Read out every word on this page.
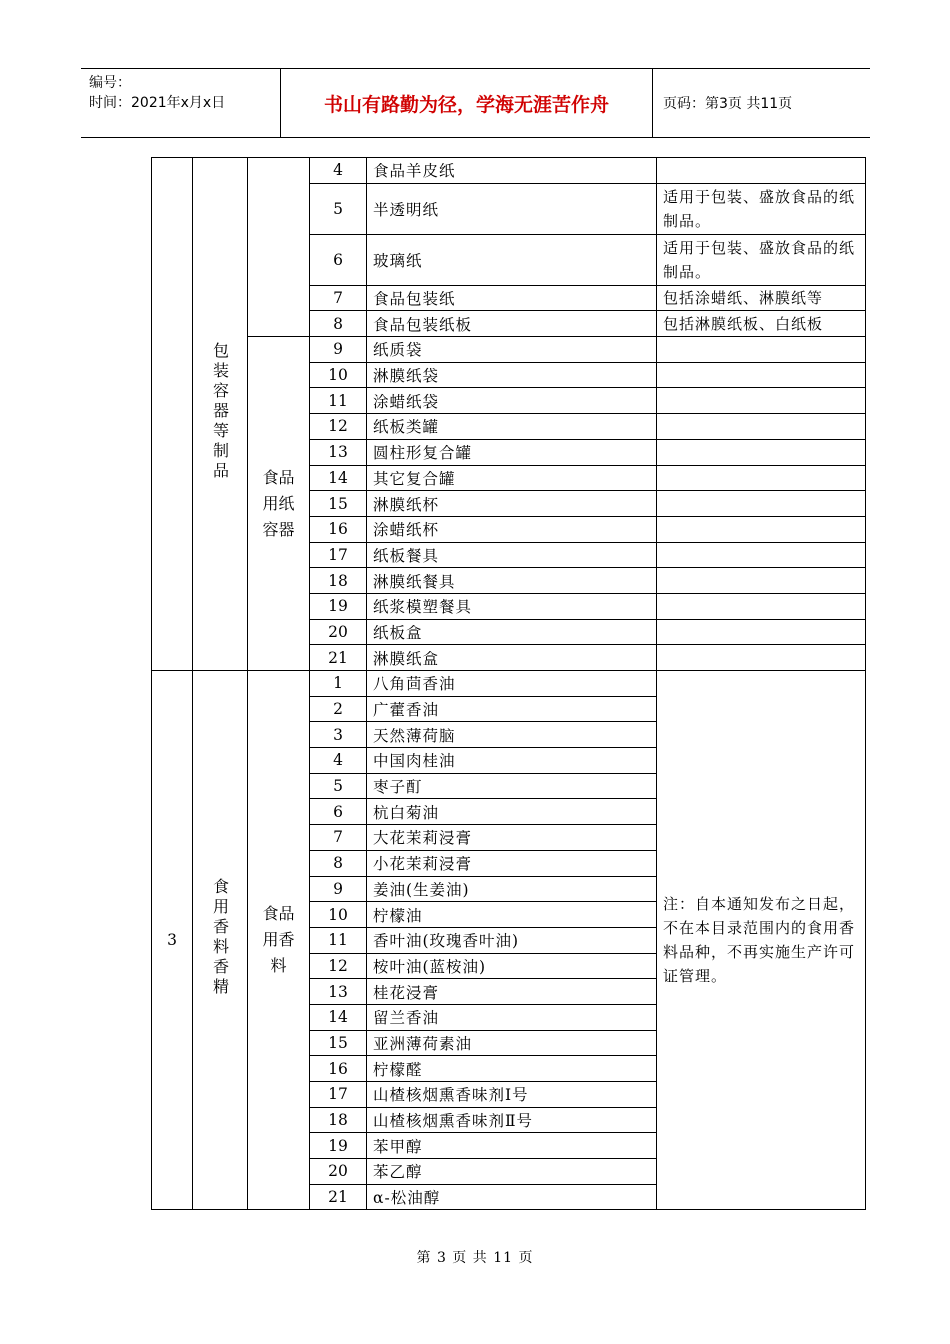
编号：
时间：2021年x月x日	书山有路勤为径，学海无涯苦作舟	页码：第3页 共11页
	包装容器等制品		4	食品羊皮纸	
			5	半透明纸	适用于包装、盛放食品的纸制品。
			6	玻璃纸	适用于包装、盛放食品的纸制品。
			7	食品包装纸	包括涂蜡纸、淋膜纸等
			8	食品包装纸板	包括淋膜纸板、白纸板

		食品用纸容器	9	纸质袋	
			10	淋膜纸袋	
			11	涂蜡纸袋	
			12	纸板类罐	
			13	圆柱形复合罐	
			14	其它复合罐	
			15	淋膜纸杯	
			16	涂蜡纸杯	
			17	纸板餐具	
			18	淋膜纸餐具	
			19	纸浆模塑餐具	
			20	纸板盒	
			21	淋膜纸盒	
3	食用香料香精	食品用香料	1	八角茴香油	注：自本通知发布之日起，不在本目录范围内的食用香料品种，不再实施生产许可证管理。
			2	广藿香油	
			3	天然薄荷脑	
			4	中国肉桂油	
			5	枣子酊	
			6	杭白菊油	
			7	大花茉莉浸膏	
			8	小花茉莉浸膏	
			9	姜油(生姜油)	
			10	柠檬油	
			11	香叶油(玫瑰香叶油)	
			12	桉叶油(蓝桉油)	
			13	桂花浸膏	
			14	留兰香油	
			15	亚洲薄荷素油	
			16	柠檬醛	
			17	山楂核烟熏香味剂Ⅰ号	
			18	山楂核烟熏香味剂Ⅱ号	
			19	苯甲醇	
			20	苯乙醇	
			21	α-松油醇	
第 3 页 共 11 页
